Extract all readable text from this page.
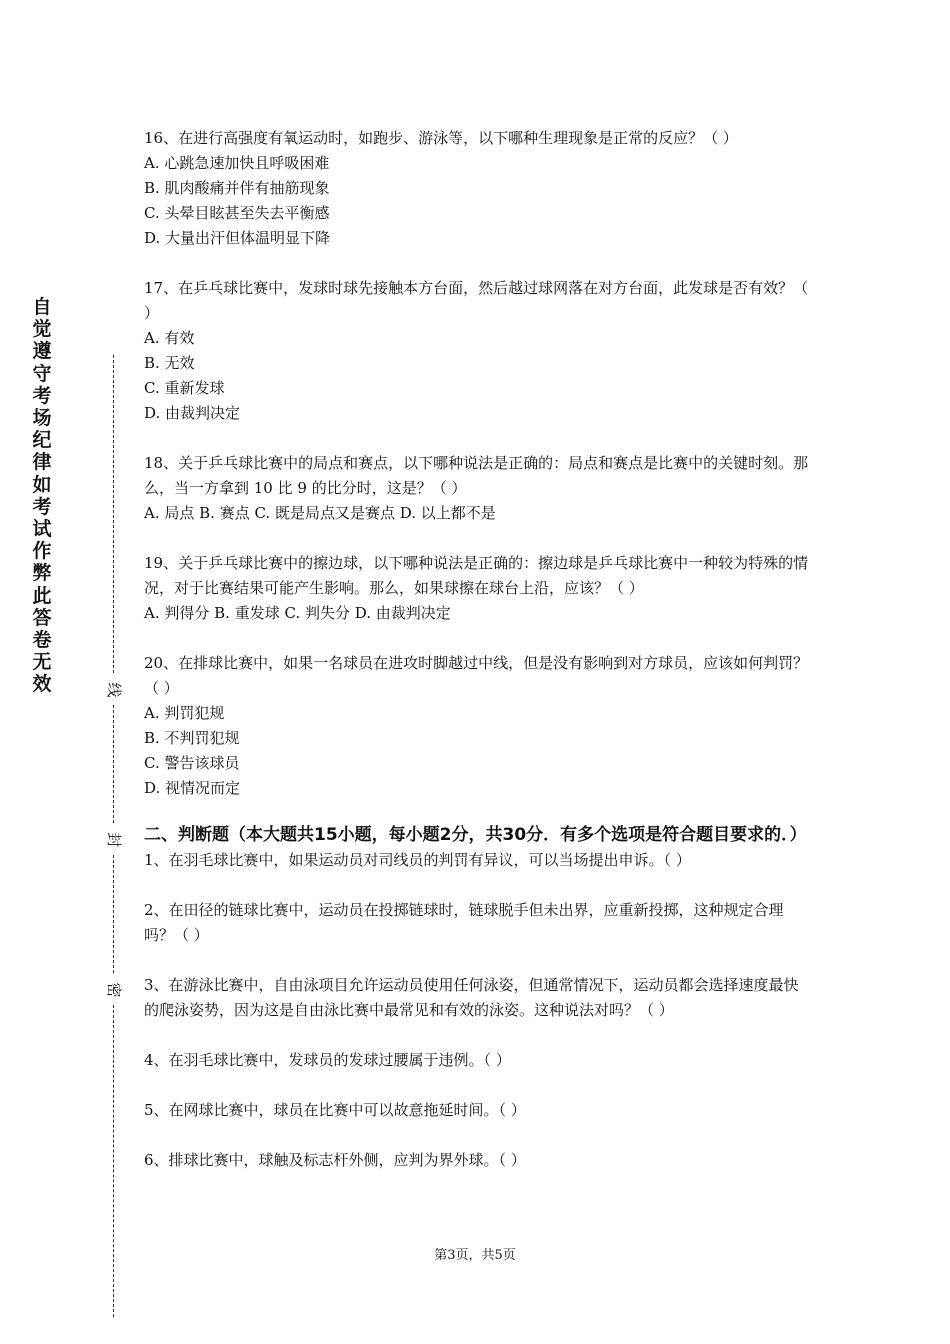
自
觉
遵
守
考
场
纪
律
如
考
试
作
弊
此
答
卷
无
效	线
封
密

16、在进行高强度有氧运动时，如跑步、游泳等，以下哪种生理现象是正常的反应？（ ）

A. 心跳急速加快且呼吸困难

B. 肌肉酸痛并伴有抽筋现象

C. 头晕目眩甚至失去平衡感

D. 大量出汗但体温明显下降

17、在乒乓球比赛中，发球时球先接触本方台面，然后越过球网落在对方台面，此发球是否有效？（ ）

A. 有效

B. 无效

C. 重新发球

D. 由裁判决定

18、关于乒乓球比赛中的局点和赛点，以下哪种说法是正确的：局点和赛点是比赛中的关键时刻。那么，当一方拿到 10 比 9 的比分时，这是？（ ）

A. 局点 B. 赛点 C. 既是局点又是赛点 D. 以上都不是

19、关于乒乓球比赛中的擦边球，以下哪种说法是正确的：擦边球是乒乓球比赛中一种较为特殊的情况，对于比赛结果可能产生影响。那么，如果球擦在球台上沿，应该？（ ）

A. 判得分 B. 重发球 C. 判失分 D. 由裁判决定

20、在排球比赛中，如果一名球员在进攻时脚越过中线，但是没有影响到对方球员，应该如何判罚？（ ）

A. 判罚犯规

B. 不判罚犯规

C. 警告该球员

D. 视情况而定

二、判断题（本大题共15小题，每小题2分，共30分．有多个选项是符合题目要求的．）

1、在羽毛球比赛中，如果运动员对司线员的判罚有异议，可以当场提出申诉。（ ）

2、在田径的链球比赛中，运动员在投掷链球时，链球脱手但未出界，应重新投掷，这种规定合理吗？（ ）

3、在游泳比赛中，自由泳项目允许运动员使用任何泳姿，但通常情况下，运动员都会选择速度最快的爬泳姿势，因为这是自由泳比赛中最常见和有效的泳姿。这种说法对吗？（ ）

4、在羽毛球比赛中，发球员的发球过腰属于违例。（ ）

5、在网球比赛中，球员在比赛中可以故意拖延时间。（ ）

6、排球比赛中，球触及标志杆外侧，应判为界外球。（ ）

第3页，共5页
